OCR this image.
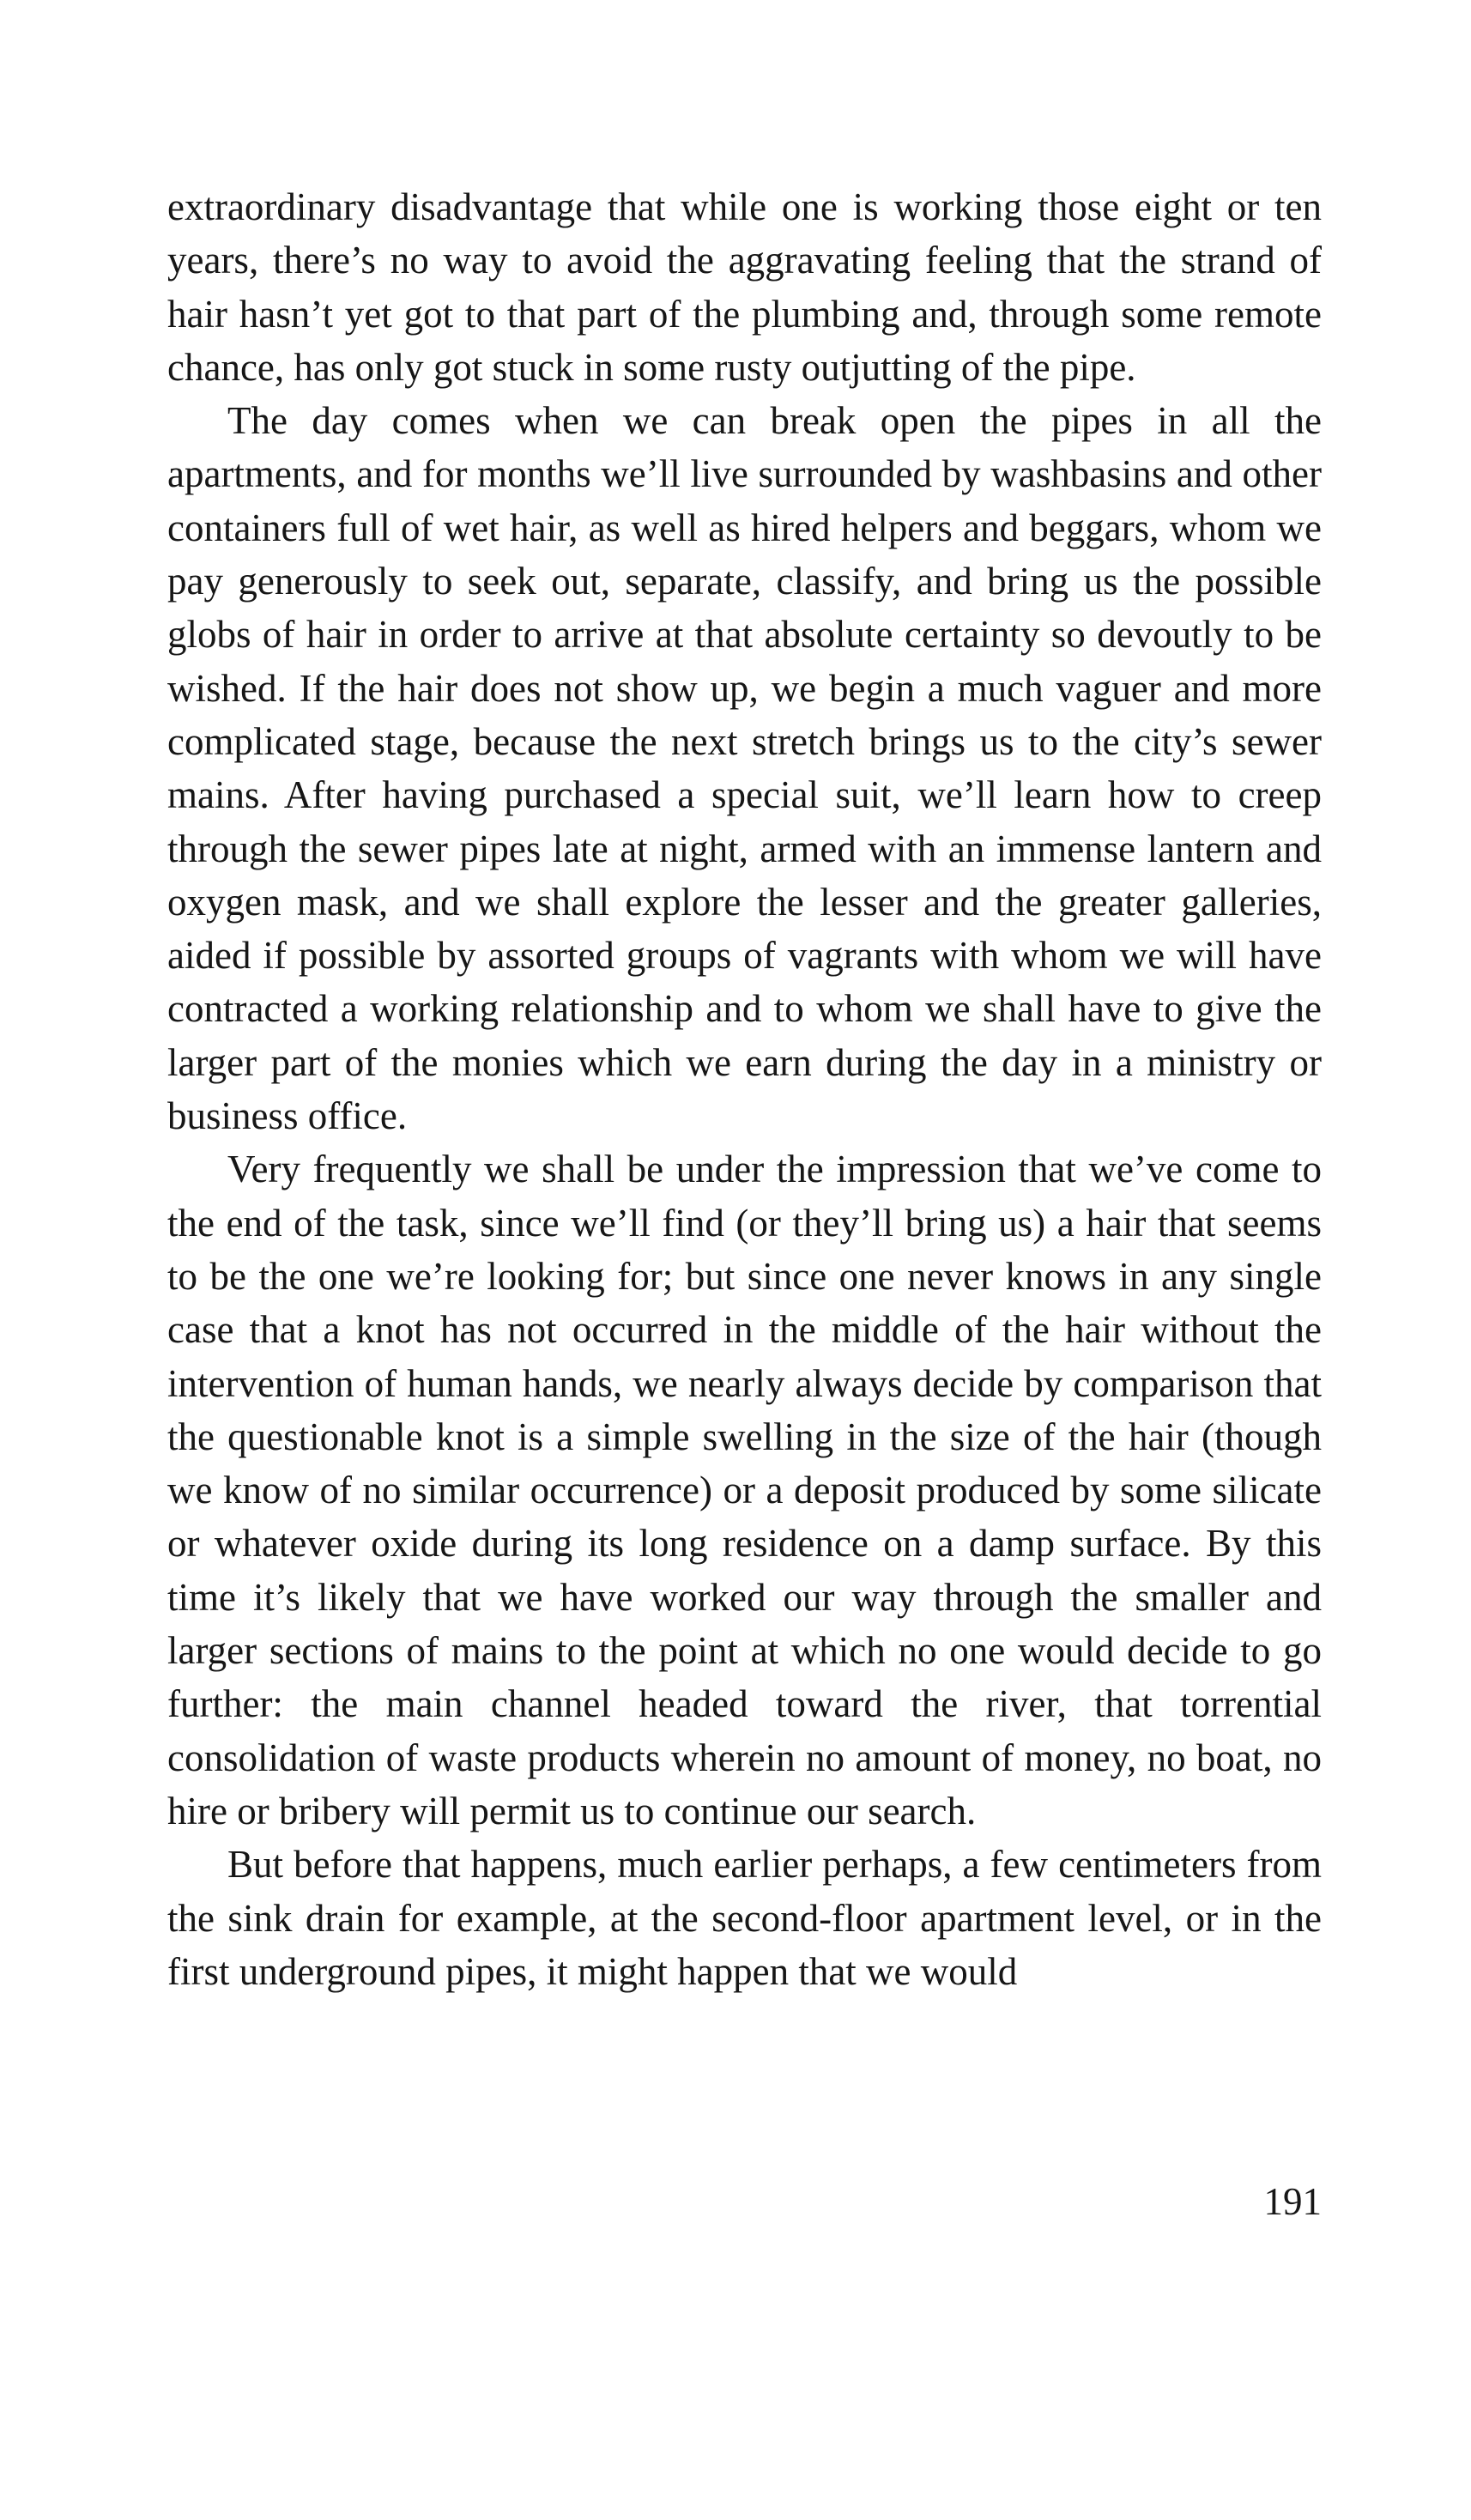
extraordinary disadvantage that while one is working those eight or ten years, there’s no way to avoid the aggravating feeling that the strand of hair hasn’t yet got to that part of the plumbing and, through some remote chance, has only got stuck in some rusty outjutting of the pipe.

The day comes when we can break open the pipes in all the apartments, and for months we’ll live surrounded by washbasins and other containers full of wet hair, as well as hired helpers and beggars, whom we pay generously to seek out, separate, classify, and bring us the possible globs of hair in order to arrive at that absolute certainty so devoutly to be wished. If the hair does not show up, we begin a much vaguer and more complicated stage, because the next stretch brings us to the city’s sewer mains. After having purchased a special suit, we’ll learn how to creep through the sewer pipes late at night, armed with an immense lantern and oxygen mask, and we shall explore the lesser and the greater galleries, aided if possible by assorted groups of vagrants with whom we will have contracted a working relationship and to whom we shall have to give the larger part of the monies which we earn during the day in a ministry or business office.

Very frequently we shall be under the impression that we’ve come to the end of the task, since we’ll find (or they’ll bring us) a hair that seems to be the one we’re looking for; but since one never knows in any single case that a knot has not occurred in the middle of the hair without the intervention of human hands, we nearly always decide by comparison that the questionable knot is a simple swelling in the size of the hair (though we know of no similar occurrence) or a deposit produced by some silicate or whatever oxide during its long residence on a damp surface. By this time it’s likely that we have worked our way through the smaller and larger sections of mains to the point at which no one would decide to go further: the main channel headed toward the river, that torrential consolidation of waste products wherein no amount of money, no boat, no hire or bribery will permit us to continue our search.

But before that happens, much earlier perhaps, a few centimeters from the sink drain for example, at the second-floor apartment level, or in the first underground pipes, it might happen that we would

191
